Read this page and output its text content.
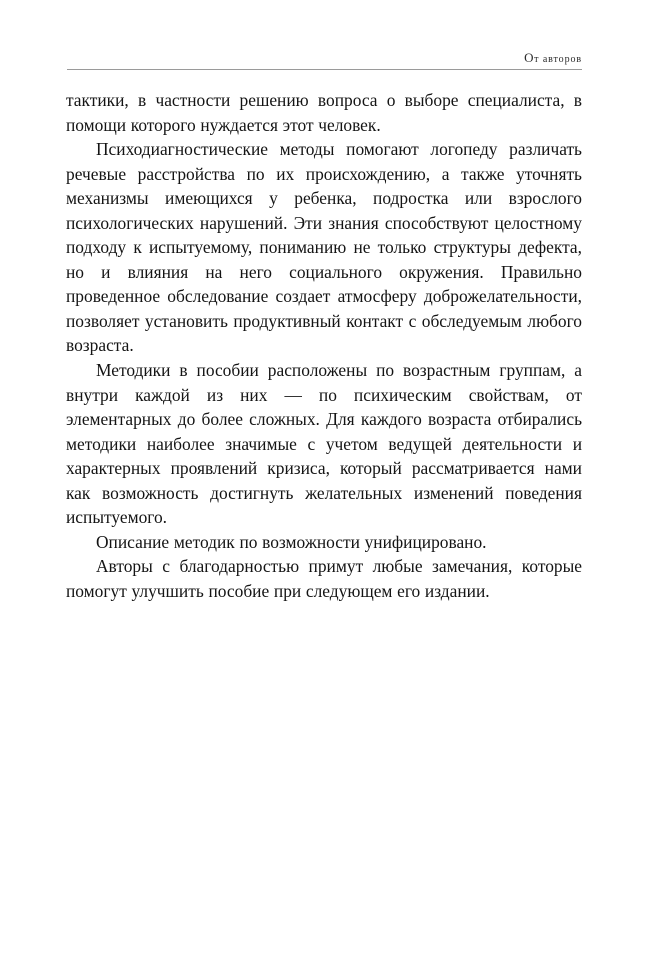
От авторов

тактики, в частности решению вопроса о выборе специалиста, в помощи которого нуждается этот человек.

Психодиагностические методы помогают логопеду различать речевые расстройства по их происхождению, а также уточнять механизмы имеющихся у ребенка, подростка или взрослого психологических нарушений. Эти знания способствуют целостному подходу к испытуемому, пониманию не только структуры дефекта, но и влияния на него социального окружения. Правильно проведенное обследование создает атмосферу доброжелательности, позволяет установить продуктивный контакт с обследуемым любого возраста.

Методики в пособии расположены по возрастным группам, а внутри каждой из них — по психическим свойствам, от элементарных до более сложных. Для каждого возраста отбирались методики наиболее значимые с учетом ведущей деятельности и характерных проявлений кризиса, который рассматривается нами как возможность достигнуть желательных изменений поведения испытуемого.

Описание методик по возможности унифицировано.

Авторы с благодарностью примут любые замечания, которые помогут улучшить пособие при следующем его издании.
